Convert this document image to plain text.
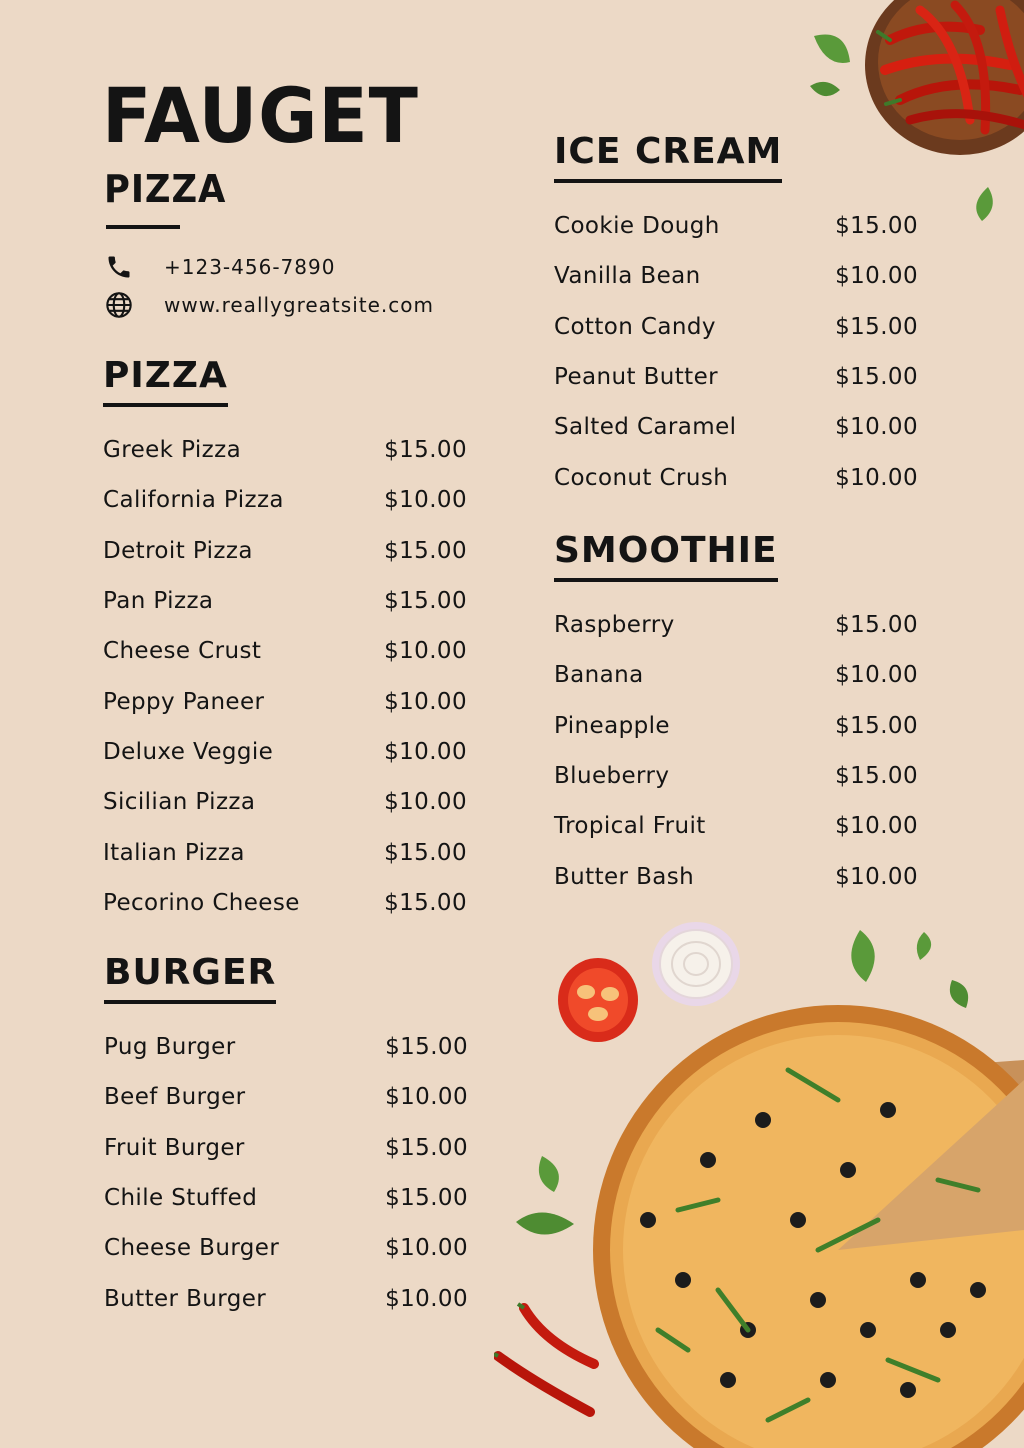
FAUGET
PIZZA
+123-456-7890
www.reallygreatsite.com
PIZZA
Greek Pizza	$15.00
California Pizza	$10.00
Detroit Pizza	$15.00
Pan Pizza	$15.00
Cheese Crust	$10.00
Peppy Paneer	$10.00
Deluxe Veggie	$10.00
Sicilian Pizza	$10.00
Italian Pizza	$15.00
Pecorino Cheese	$15.00
BURGER
Pug Burger	$15.00
Beef Burger	$10.00
Fruit Burger	$15.00
Chile Stuffed	$15.00
Cheese Burger	$10.00
Butter Burger	$10.00
ICE CREAM
Cookie Dough	$15.00
Vanilla Bean	$10.00
Cotton Candy	$15.00
Peanut Butter	$15.00
Salted Caramel	$10.00
Coconut Crush	$10.00
SMOOTHIE
Raspberry	$15.00
Banana	$10.00
Pineapple	$15.00
Blueberry	$15.00
Tropical Fruit	$10.00
Butter Bash	$10.00
